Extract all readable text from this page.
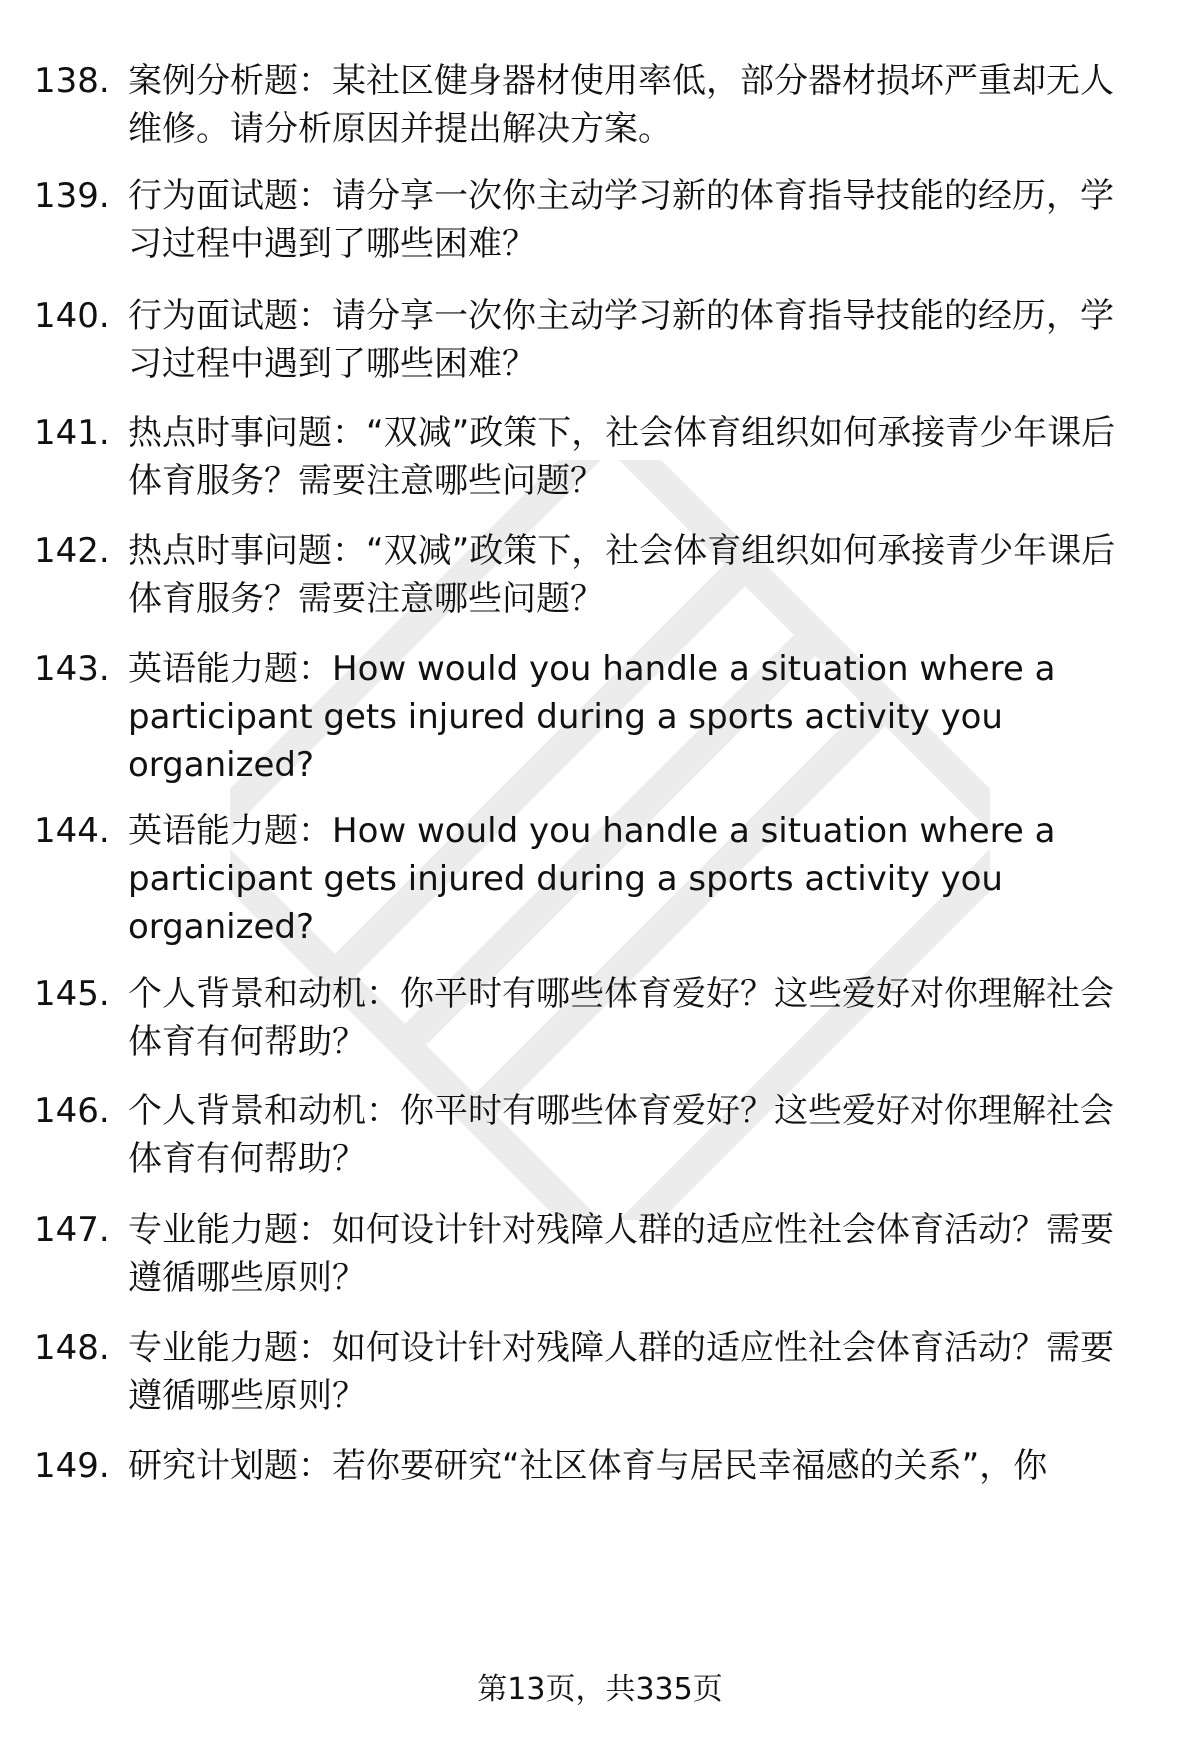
138. 案例分析题：某社区健身器材使用率低，部分器材损坏严重却无人维修。请分析原因并提出解决方案。
139. 行为面试题：请分享一次你主动学习新的体育指导技能的经历，学习过程中遇到了哪些困难？
140. 行为面试题：请分享一次你主动学习新的体育指导技能的经历，学习过程中遇到了哪些困难？
141. 热点时事问题：“双减”政策下，社会体育组织如何承接青少年课后体育服务？需要注意哪些问题？
142. 热点时事问题：“双减”政策下，社会体育组织如何承接青少年课后体育服务？需要注意哪些问题？
143. 英语能力题：How would you handle a situation where a participant gets injured during a sports activity you organized?
144. 英语能力题：How would you handle a situation where a participant gets injured during a sports activity you organized?
145. 个人背景和动机：你平时有哪些体育爱好？这些爱好对你理解社会体育有何帮助？
146. 个人背景和动机：你平时有哪些体育爱好？这些爱好对你理解社会体育有何帮助？
147. 专业能力题：如何设计针对残障人群的适应性社会体育活动？需要遵循哪些原则？
148. 专业能力题：如何设计针对残障人群的适应性社会体育活动？需要遵循哪些原则？
149. 研究计划题：若你要研究“社区体育与居民幸福感的关系”，你
第13页，共335页
